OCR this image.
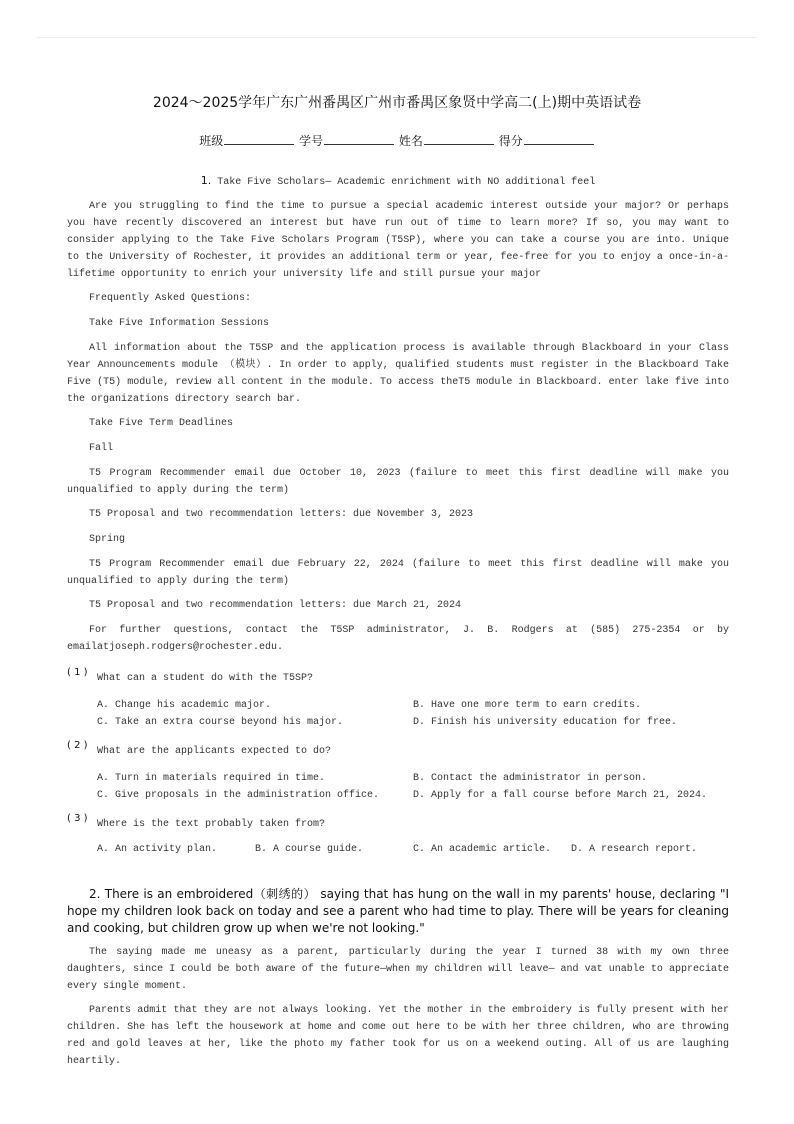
2024～2025学年广东广州番禺区广州市番禺区象贤中学高二(上)期中英语试卷
班级	学号	姓名	得分
1. Take Five Scholars— Academic enrichment with NO additional feel

Are you struggling to find the time to pursue a special academic interest outside your major? Or perhaps you have recently discovered an interest but have run out of time to learn more? If so, you may want to consider applying to the Take Five Scholars Program (T5SP), where you can take a course you are into. Unique to the University of Rochester, it provides an additional term or year, fee-free for you to enjoy a once-in-a-lifetime opportunity to enrich your university life and still pursue your major

Frequently Asked Questions:

Take Five Information Sessions

All information about the T5SP and the application process is available through Blackboard in your Class Year Announcements module （模块）. In order to apply, qualified students must register in the Blackboard Take Five (T5) module, review all content in the module. To access theT5 module in Blackboard. enter lake five into the organizations directory search bar.

Take Five Term Deadlines

Fall

T5 Program Recommender email due October 10, 2023 (failure to meet this first deadline will make you unqualified to apply during the term)

T5 Proposal and two recommendation letters: due November 3, 2023

Spring

T5 Program Recommender email due February 22, 2024 (failure to meet this first deadline will make you unqualified to apply during the term)

T5 Proposal and two recommendation letters: due March 21, 2024

For further questions, contact the T5SP administrator, J. B. Rodgers at (585) 275-2354 or by emailatjoseph.rodgers@rochester.edu.

( 1 )
What can a student do with the T5SP?
A. Change his academic major.	B. Have one more term to earn credits.
C. Take an extra course beyond his major.	D. Finish his university education for free.
( 2 )
What are the applicants expected to do?
A. Turn in materials required in time.	B. Contact the administrator in person.
C. Give proposals in the administration office.	D. Apply for a fall course before March 21, 2024.
( 3 )
Where is the text probably taken from?
A. An activity plan.	B. A course guide.	C. An academic article.	D. A research report.

2. There is an embroidered（刺绣的） saying that has hung on the wall in my parents' house, declaring "I hope my children look back on today and see a parent who had time to play. There will be years for cleaning and cooking, but children grow up when we're not looking."

The saying made me uneasy as a parent, particularly during the year I turned 38 with my own three daughters, since I could be both aware of the future—when my children will leave— and vat unable to appreciate every single moment.

Parents admit that they are not always looking. Yet the mother in the embroidery is fully present with her children. She has left the housework at home and come out here to be with her three children, who are throwing red and gold leaves at her, like the photo my father took for us on a weekend outing. All of us are laughing heartily.
